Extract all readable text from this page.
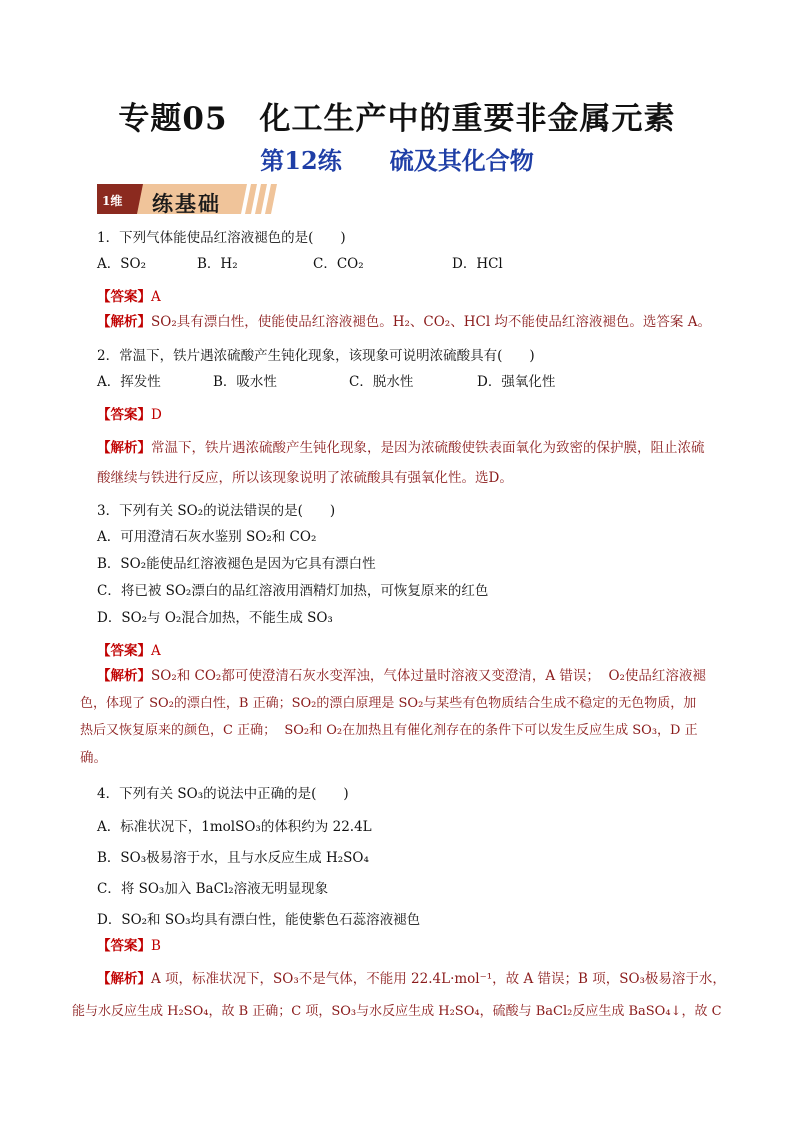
专题05　化工生产中的重要非金属元素
第12练　　硫及其化合物
1维 练基础
1．下列气体能使品红溶液褪色的是(　　)
A．SO₂	B．H₂	C．CO₂	D．HCl
【答案】A
【解析】SO₂具有漂白性，使能使品红溶液褪色。H₂、CO₂、HCl 均不能使品红溶液褪色。选答案 A。
2．常温下，铁片遇浓硫酸产生钝化现象，该现象可说明浓硫酸具有(　　)
A．挥发性	B．吸水性	C．脱水性	D．强氧化性
【答案】D
【解析】常温下，铁片遇浓硫酸产生钝化现象，是因为浓硫酸使铁表面氧化为致密的保护膜，阻止浓硫
酸继续与铁进行反应，所以该现象说明了浓硫酸具有强氧化性。选D。
3．下列有关 SO₂的说法错误的是(　　)
A．可用澄清石灰水鉴别 SO₂和 CO₂
B．SO₂能使品红溶液褪色是因为它具有漂白性
C．将已被 SO₂漂白的品红溶液用酒精灯加热，可恢复原来的红色
D．SO₂与 O₂混合加热，不能生成 SO₃
【答案】A
【解析】SO₂和 CO₂都可使澄清石灰水变浑浊，气体过量时溶液又变澄清，A 错误；  O₂使品红溶液褪
色，体现了 SO₂的漂白性，B 正确；SO₂的漂白原理是 SO₂与某些有色物质结合生成不稳定的无色物质，加
热后又恢复原来的颜色，C 正确；  SO₂和 O₂在加热且有催化剂存在的条件下可以发生反应生成 SO₃，D 正
确。
4．下列有关 SO₃的说法中正确的是(　　)
A．标准状况下，1molSO₃的体积约为 22.4L
B．SO₃极易溶于水，且与水反应生成 H₂SO₄
C．将 SO₃加入 BaCl₂溶液无明显现象
D．SO₂和 SO₃均具有漂白性，能使紫色石蕊溶液褪色
【答案】B
【解析】A 项，标准状况下，SO₃不是气体，不能用 22.4L·mol⁻¹，故 A 错误；B 项，SO₃极易溶于水，
能与水反应生成 H₂SO₄，故 B 正确；C 项，SO₃与水反应生成 H₂SO₄，硫酸与 BaCl₂反应生成 BaSO₄↓，故 C
